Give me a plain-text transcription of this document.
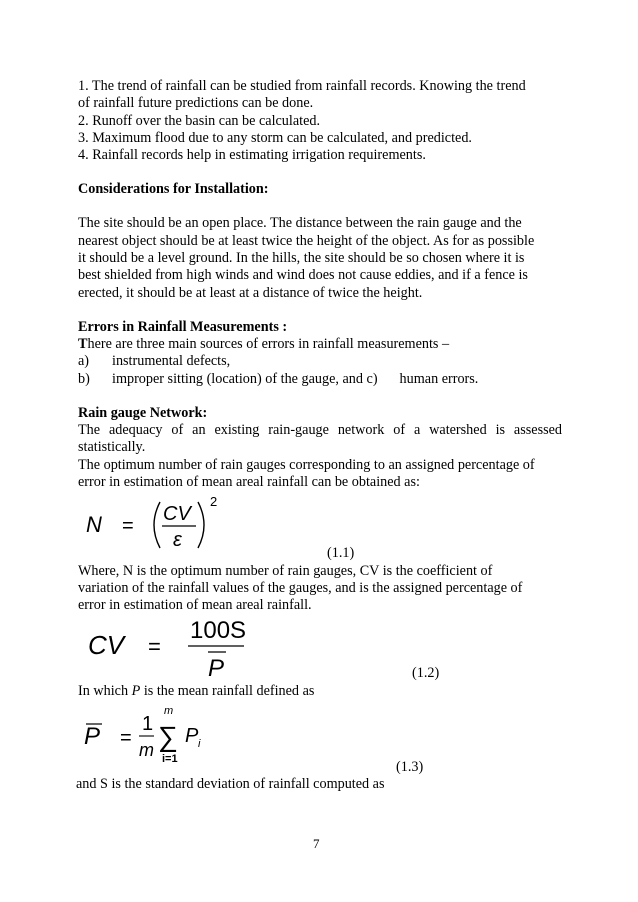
1. The trend of rainfall can be studied from rainfall records. Knowing the trend
of rainfall future predictions can be done.
2. Runoff over the basin can be calculated.
3. Maximum flood due to any storm can be calculated, and predicted.
4. Rainfall records help in estimating irrigation requirements.
Considerations for Installation:
The site should be an open place. The distance between the rain gauge and the
nearest object should be at least twice the height of the object. As for as possible
it should be a level ground. In the hills, the site should be so chosen where it is
best shielded from high winds and wind does not cause eddies, and if a fence is
erected, it should be at least at a distance of twice the height.
Errors in Rainfall Measurements :
There are three main sources of errors in rainfall measurements –
a) instrumental defects,
b) improper sitting (location) of the gauge, and c) human errors.
Rain gauge Network:
The adequacy of an existing rain-gauge network of a watershed is assessed
statistically.
The optimum number of rain gauges corresponding to an assigned percentage of
error in estimation of mean areal rainfall can be obtained as:
N =
CV
ε
2
(1.1)
Where, N is the optimum number of rain gauges, CV is the coefficient of
variation of the rainfall values of the gauges, and is the assigned percentage of
error in estimation of mean areal rainfall.
CV =
100S
P	(1.2)
In which P is the mean rainfall defined as
P =
1
m
m
∑
i=1
P i
(1.3)
and S is the standard deviation of rainfall computed as
7
